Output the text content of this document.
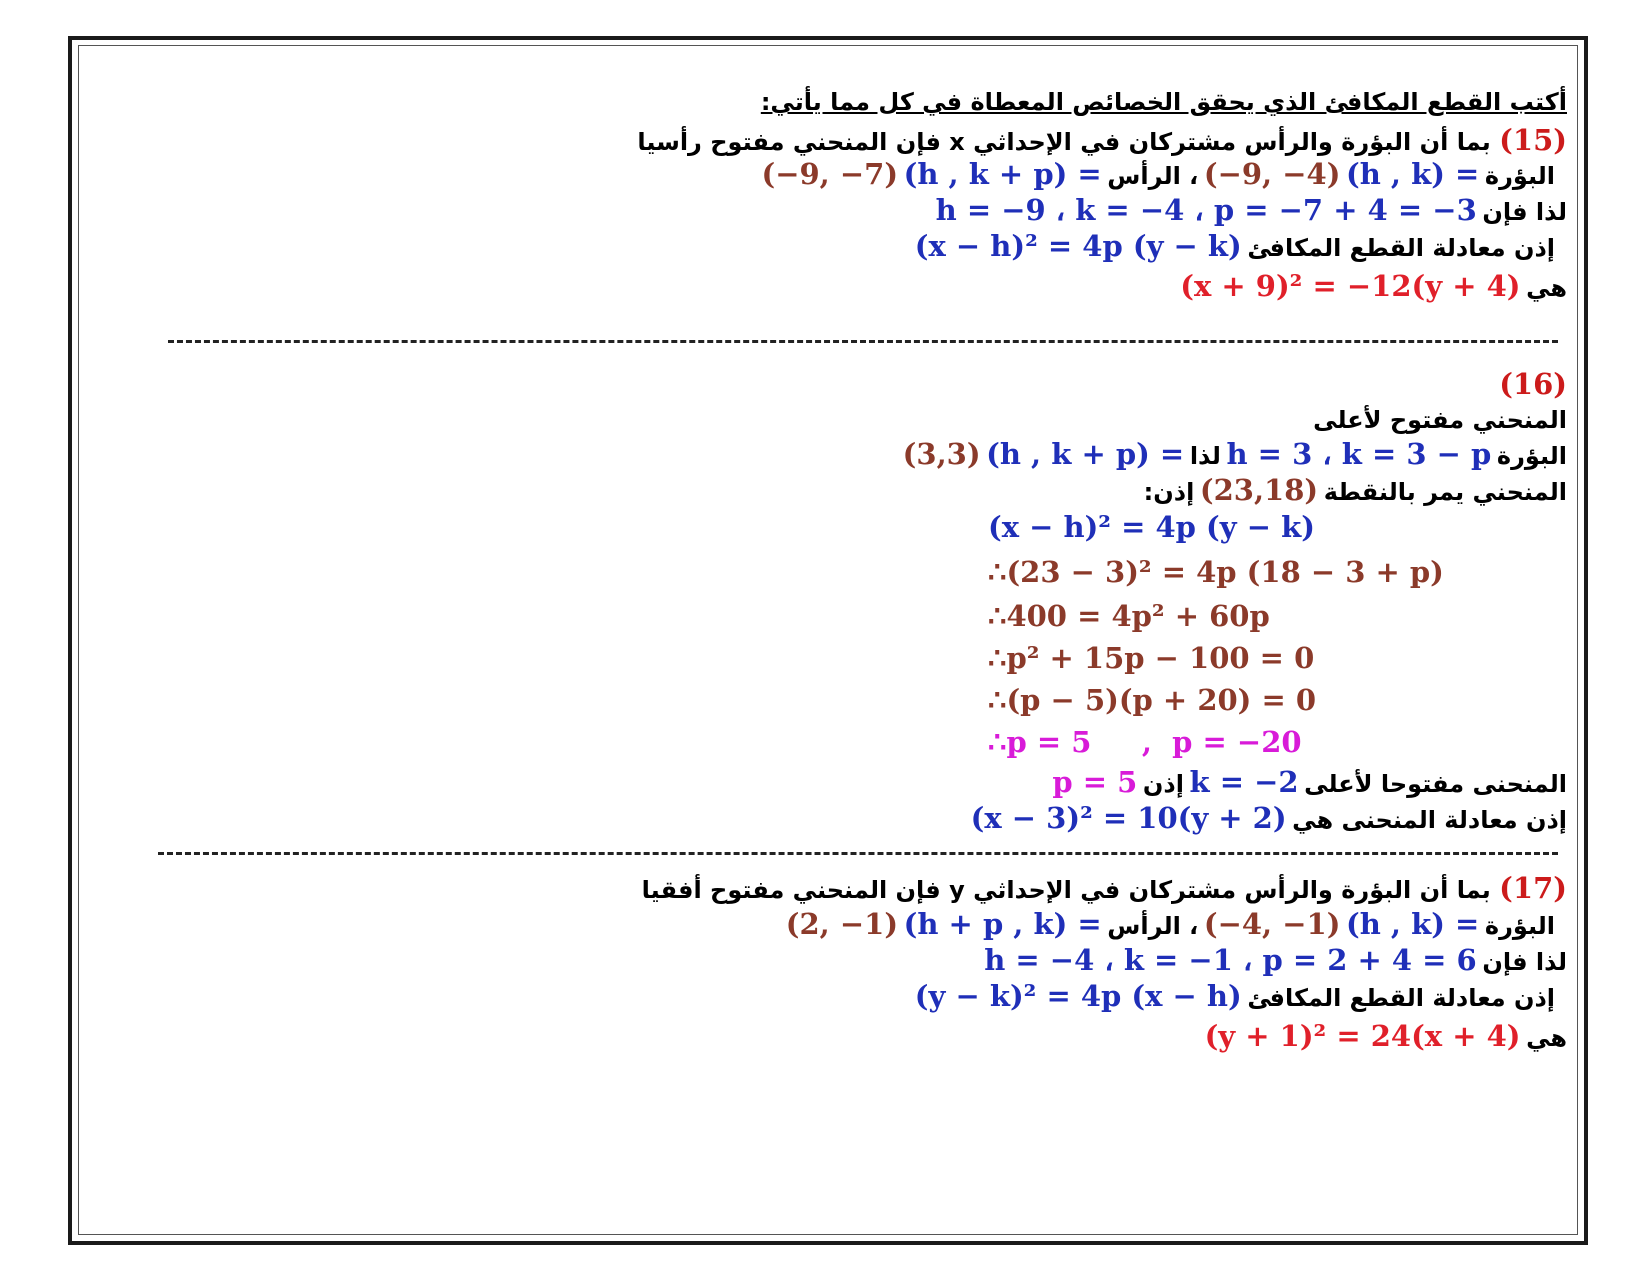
أكتب القطع المكافئ الذي يحقق الخصائص المعطاة في كل مما يأتي:
(15) بما أن البؤرة والرأس مشتركان في الإحداثي x فإن المنحني مفتوح رأسيا
البؤرة (−9, −7) (h , k + p) = ، الرأس (−9, −4) (h , k) =
لذا فإن h = −9 ، k = −4 ، p = −7 + 4 = −3
إذن معادلة القطع المكافئ (x − h)² = 4p (y − k)
هي (x + 9)² = −12(y + 4)
(16)
المنحني مفتوح لأعلى
البؤرة (3,3) (h , k + p) = لذا h = 3 ، k = 3 − p
المنحني يمر بالنقطة (23,18) إذن:
(x − h)² = 4p (y − k)
∴(23 − 3)² = 4p (18 − 3 + p)
∴400 = 4p² + 60p
∴p² + 15p − 100 = 0
∴(p − 5)(p + 20) = 0
∴p = 5     ,  p = −20
المنحنى مفتوحا لأعلى p = 5 إذن k = −2
إذن معادلة المنحنى هي (x − 3)² = 10(y + 2)
(17) بما أن البؤرة والرأس مشتركان في الإحداثي y فإن المنحني مفتوح أفقيا
البؤرة (2, −1) (h + p , k) = ، الرأس (−4, −1) (h , k) =
لذا فإن h = −4 ، k = −1 ، p = 2 + 4 = 6
إذن معادلة القطع المكافئ (y − k)² = 4p (x − h)
هي (y + 1)² = 24(x + 4)
